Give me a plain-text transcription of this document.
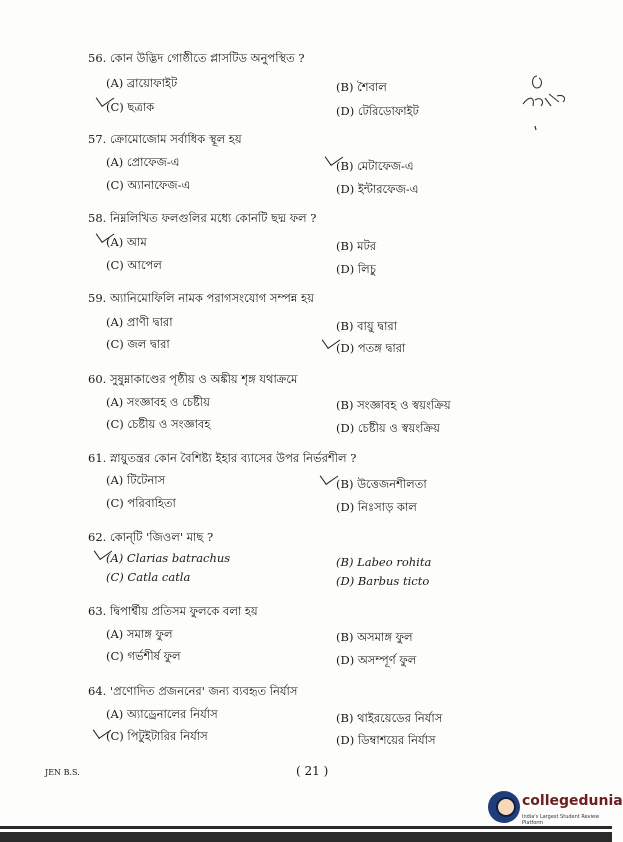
56. কোন উদ্ভিদ গোষ্ঠীতে প্লাসটিড অনুপস্থিত ?
(A) ব্রায়োফাইট	(B) শৈবাল
(C) ছত্রাক	(D) টেরিডোফাইট
57. ক্রোমোজোম সর্বাধিক স্থূল হয়
(A) প্রোফেজ-এ	(B) মেটাফেজ-এ
(C) অ্যানাফেজ-এ	(D) ইন্টারফেজ-এ
58. নিম্নলিখিত ফলগুলির মধ্যে কোনটি ছদ্ম ফল ?
(A) আম	(B) মটর
(C) আপেল	(D) লিচু
59. অ্যানিমোফিলি নামক পরাগসংযোগ সম্পন্ন হয়
(A) প্রাণী দ্বারা	(B) বায়ু দ্বারা
(C) জল দ্বারা	(D) পতঙ্গ দ্বারা
60. সুষুম্নাকাণ্ডের পৃষ্ঠীয় ও অঙ্কীয় শৃঙ্গ যথাক্রমে
(A) সংজ্ঞাবহ ও চেষ্টীয়	(B) সংজ্ঞাবহ ও স্বয়ংক্রিয়
(C) চেষ্টীয় ও সংজ্ঞাবহ	(D) চেষ্টীয় ও স্বয়ংক্রিয়
61. স্নায়ুতন্ত্রর কোন বৈশিষ্ট্য ইহার ব্যাসের উপর নির্ভরশীল ?
(A) টিটেনাস	(B) উত্তেজনশীলতা
(C) পরিবাহিতা	(D) নিঃসাড় কাল
62. কোন্‌টি 'জিওল' মাছ ?
(A) Clarias batrachus	(B) Labeo rohita
(C) Catla catla	(D) Barbus ticto
63. দ্বিপার্শ্বীয় প্রতিসম ফুলকে বলা হয়
(A) সমাঙ্গ ফুল	(B) অসমাঙ্গ ফুল
(C) গর্ভশীর্ষ ফুল	(D) অসম্পূর্ণ ফুল
64. 'প্রণোদিত প্রজননের' জন্য ব্যবহৃত নির্যাস
(A) অ্যাড্রেনালের নির্যাস	(B) থাইরয়েডের নির্যাস
(C) পিটুইটারির নির্যাস	(D) ডিম্বাশয়ের নির্যাস
JEN B.S.	( 21 )
collegedunia
India's Largest Student Review Platform
